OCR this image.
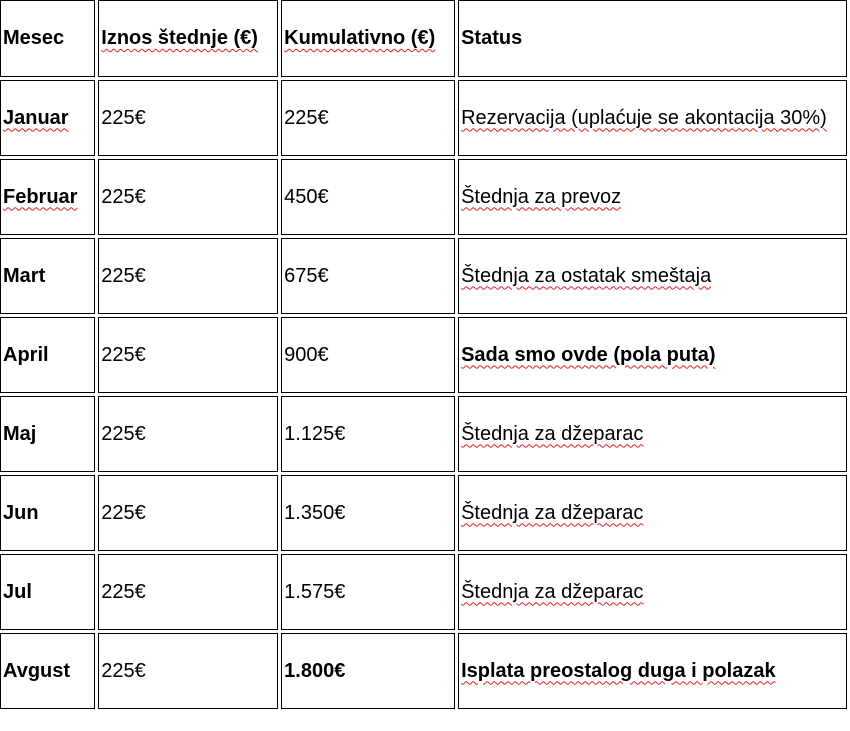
Mesec	Iznos štednje (€)	Kumulativno (€)	Status
Januar	225€	225€	Rezervacija (uplaćuje se akontacija 30%)
Februar	225€	450€	Štednja za prevoz
Mart	225€	675€	Štednja za ostatak smeštaja
April	225€	900€	Sada smo ovde (pola puta)
Maj	225€	1.125€	Štednja za džeparac
Jun	225€	1.350€	Štednja za džeparac
Jul	225€	1.575€	Štednja za džeparac
Avgust	225€	1.800€	Isplata preostalog duga i polazak
